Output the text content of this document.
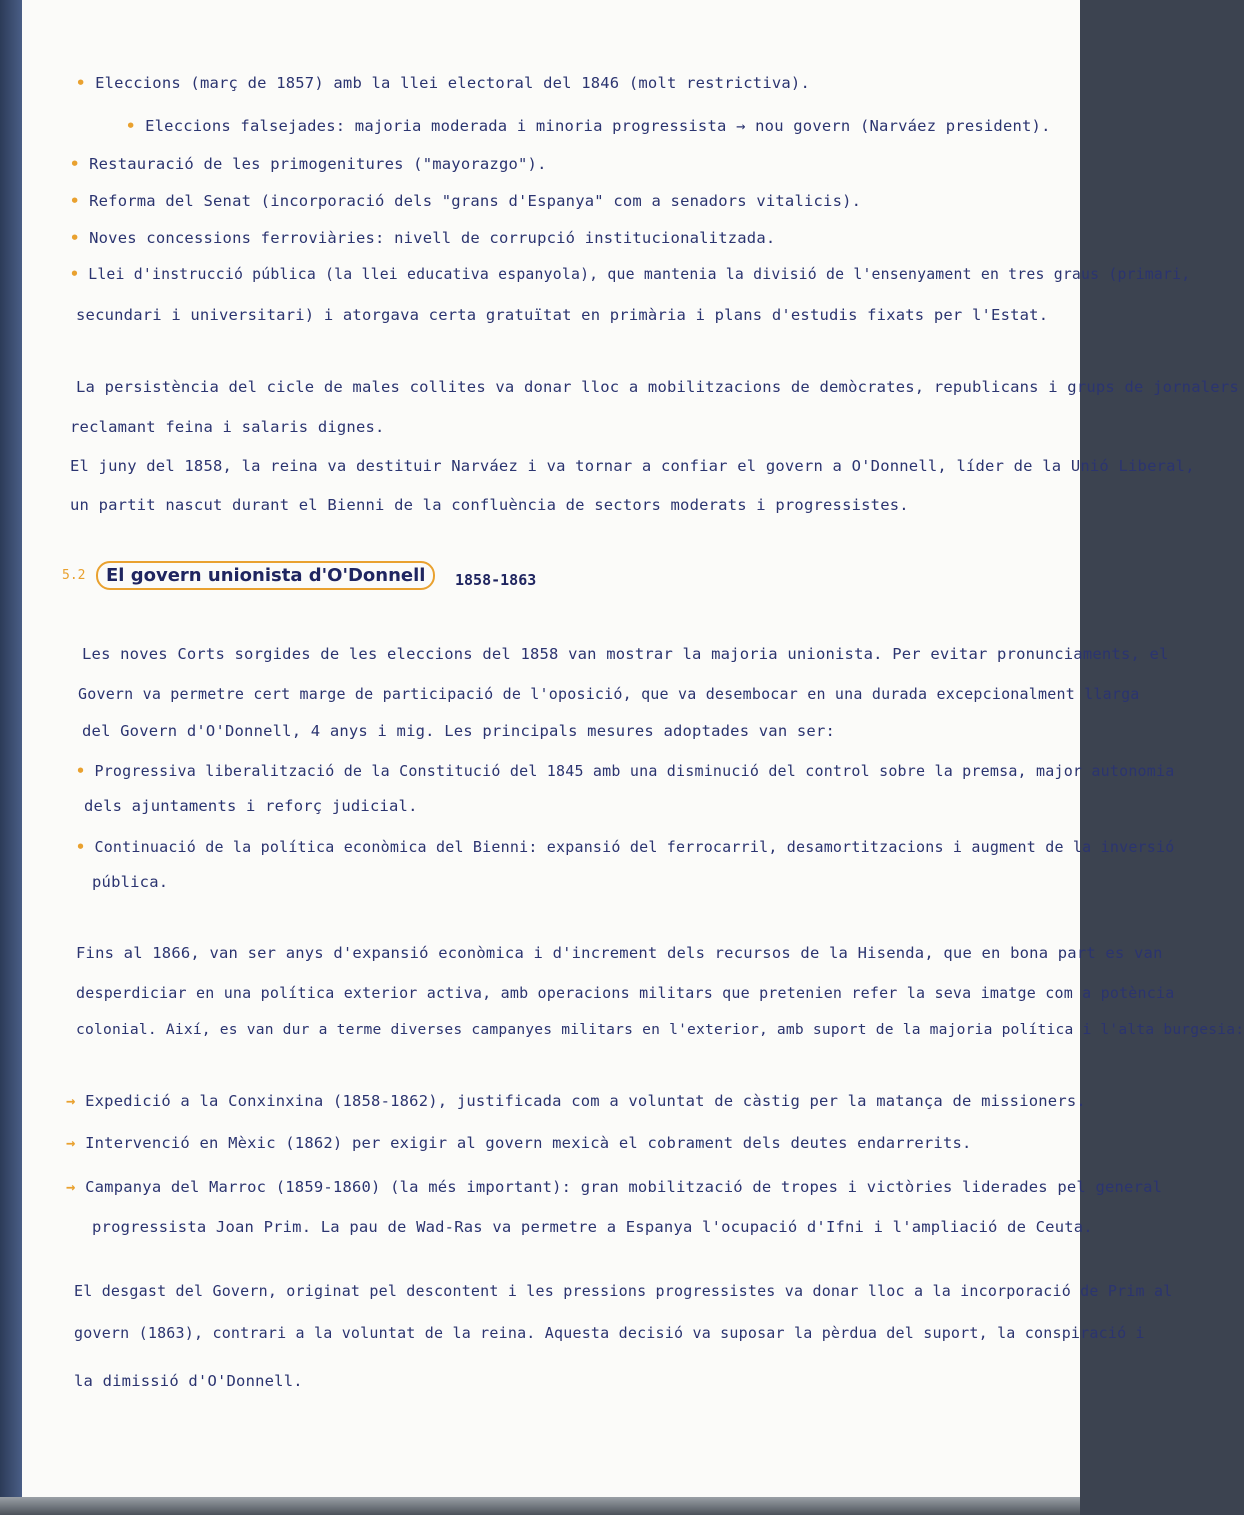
• Eleccions (març de 1857) amb la llei electoral del 1846 (molt restrictiva).
• Eleccions falsejades: majoria moderada i minoria progressista → nou govern (Narváez president).
• Restauració de les primogenitures ("mayorazgo").
• Reforma del Senat (incorporació dels "grans d'Espanya" com a senadors vitalicis).
• Noves concessions ferroviàries: nivell de corrupció institucionalitzada.
• Llei d'instrucció pública (la llei educativa espanyola), que mantenia la divisió de l'ensenyament en tres graus (primari,
secundari i universitari) i atorgava certa gratuïtat en primària i plans d'estudis fixats per l'Estat.
La persistència del cicle de males collites va donar lloc a mobilitzacions de demòcrates, republicans i grups de jornalers
reclamant feina i salaris dignes.
El juny del 1858, la reina va destituir Narváez i va tornar a confiar el govern a O'Donnell, líder de la Unió Liberal,
un partit nascut durant el Bienni de la confluència de sectors moderats i progressistes.
5.2	El govern unionista d'O'Donnell	1858-1863
Les noves Corts sorgides de les eleccions del 1858 van mostrar la majoria unionista. Per evitar pronunciaments, el
Govern va permetre cert marge de participació de l'oposició, que va desembocar en una durada excepcionalment llarga
del Govern d'O'Donnell, 4 anys i mig. Les principals mesures adoptades van ser:
• Progressiva liberalització de la Constitució del 1845 amb una disminució del control sobre la premsa, major autonomia
dels ajuntaments i reforç judicial.
• Continuació de la política econòmica del Bienni: expansió del ferrocarril, desamortitzacions i augment de la inversió
pública.
Fins al 1866, van ser anys d'expansió econòmica i d'increment dels recursos de la Hisenda, que en bona part es van
desperdiciar en una política exterior activa, amb operacions militars que pretenien refer la seva imatge com a potència
colonial. Així, es van dur a terme diverses campanyes militars en l'exterior, amb suport de la majoria política i l'alta burgesia:
→ Expedició a la Conxinxina (1858-1862), justificada com a voluntat de càstig per la matança de missioners.
→ Intervenció en Mèxic (1862) per exigir al govern mexicà el cobrament dels deutes endarrerits.
→ Campanya del Marroc (1859-1860) (la més important): gran mobilització de tropes i victòries liderades pel general
progressista Joan Prim. La pau de Wad-Ras va permetre a Espanya l'ocupació d'Ifni i l'ampliació de Ceuta.
El desgast del Govern, originat pel descontent i les pressions progressistes va donar lloc a la incorporació de Prim al
govern (1863), contrari a la voluntat de la reina. Aquesta decisió va suposar la pèrdua del suport, la conspiració i
la dimissió d'O'Donnell.
